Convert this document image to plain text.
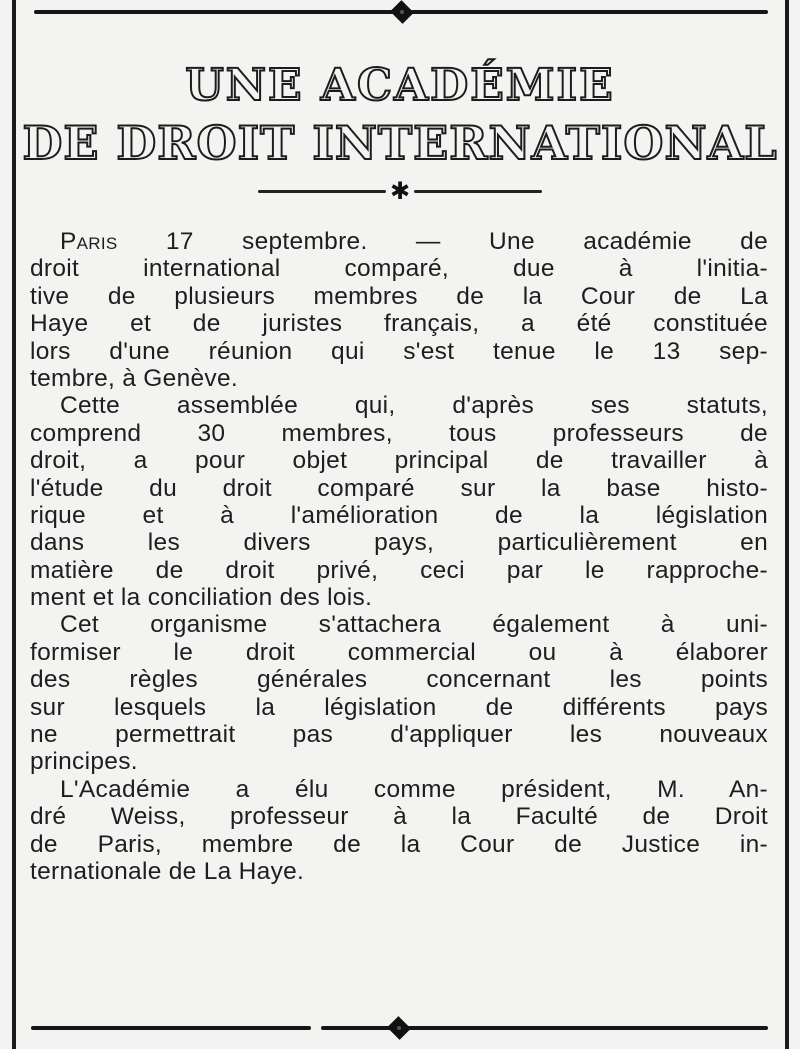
UNE ACADÉMIE
DE DROIT INTERNATIONAL
✱
Paris 17 septembre. — Une académie de
droit international comparé, due à l'initia-
tive de plusieurs membres de la Cour de La
Haye et de juristes français, a été constituée
lors d'une réunion qui s'est tenue le 13 sep-
tembre, à Genève.
Cette assemblée qui, d'après ses statuts,
comprend 30 membres, tous professeurs de
droit, a pour objet principal de travailler à
l'étude du droit comparé sur la base histo-
rique et à l'amélioration de la législation
dans les divers pays, particulièrement en
matière de droit privé, ceci par le rapproche-
ment et la conciliation des lois.
Cet organisme s'attachera également à uni-
formiser le droit commercial ou à élaborer
des règles générales concernant les points
sur lesquels la législation de différents pays
ne permettrait pas d'appliquer les nouveaux
principes.
L'Académie a élu comme président, M. An-
dré Weiss, professeur à la Faculté de Droit
de Paris, membre de la Cour de Justice in-
ternationale de La Haye.
